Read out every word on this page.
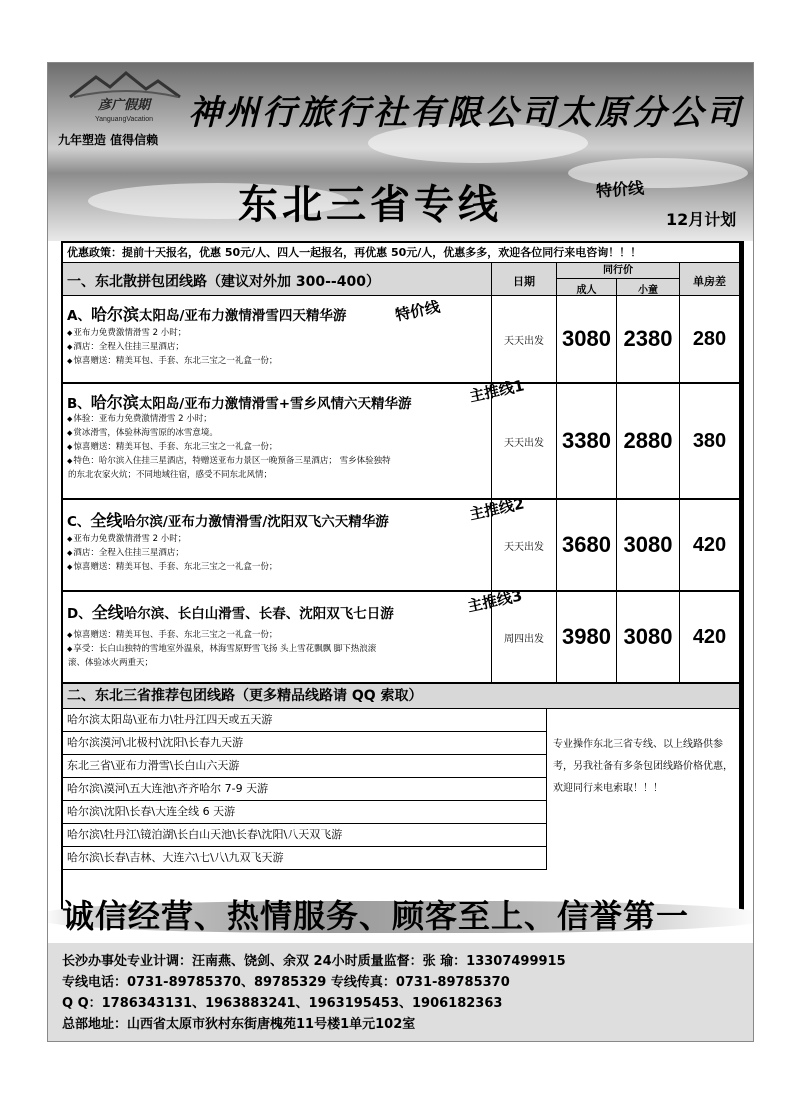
彦广假期
YanguangVacation
九年塑造 值得信赖
神州行旅行社有限公司太原分公司
东北三省专线	特价线
12月计划
优惠政策：提前十天报名，优惠 50元/人、四人一起报名，再优惠 50元/人，优惠多多，欢迎各位同行来电咨询！！！
一、东北散拼包团线路（建议对外加 300--400）	日期
同行价
成人	小童
单房差
A、哈尔滨太阳岛/亚布力激情滑雪四天精华游	特价线
◆ 亚布力免费激情滑雪 2 小时；
◆ 酒店：全程入住挂三星酒店；
◆ 惊喜赠送：精美耳包、手套、东北三宝之一礼盒一份；
天天出发 3080 2380	280
B、哈尔滨太阳岛/亚布力激情滑雪+雪乡风情六天精华游	主推线1
◆ 体验：亚布力免费激情滑雪 2 小时；
◆ 赏冰滑雪，体验林海雪原的冰雪意境。
◆ 惊喜赠送：精美耳包、手套、东北三宝之一礼盒一份；
◆ 特色：哈尔滨入住挂三星酒店，特赠送亚布力景区一晚预备三星酒店； 雪乡体验独特
的东北农家火炕；不同地域往宿，感受不同东北风情；
天天出发 3380 2880	380
C、全线哈尔滨/亚布力激情滑雪/沈阳双飞六天精华游	主推线2
◆ 亚布力免费激情滑雪 2 小时；
◆ 酒店：全程入住挂三星酒店；
◆ 惊喜赠送：精美耳包、手套、东北三宝之一礼盒一份；
天天出发 3680 3080	420
D、全线哈尔滨、长白山滑雪、长春、沈阳双飞七日游	主推线3
◆ 惊喜赠送：精美耳包、手套、东北三宝之一礼盒一份；
◆ 享受：长白山独特的雪地室外温泉，林海雪原野雪飞扬 头上雪花飘飘 脚下热浪滚
滚、体验冰火两重天；
周四出发 3980 3080	420
二、东北三省推荐包团线路（更多精品线路请 QQ 索取）
哈尔滨太阳岛\亚布力\牡丹江四天或五天游
哈尔滨漠河\北极村\沈阳\长春九天游
东北三省\亚布力滑雪\长白山六天游
哈尔滨\漠河\五大连池\齐齐哈尔 7-9 天游
哈尔滨\沈阳\长春\大连全线 6 天游
哈尔滨\牡丹江\镜泊湖\长白山天池\长春\沈阳\八天双飞游
哈尔滨\长春\吉林、大连六\七\八\九双飞天游
专业操作东北三省专线、以上线路供参考，另我社备有多条包团线路价格优惠，欢迎同行来电索取！！！
诚信经营、热情服务、顾客至上、信誉第一
长沙办事处专业计调：汪南燕、饶剑、余双 24小时质量监督：张 瑜：13307499915
专线电话：0731-89785370、89785329 专线传真：0731-89785370
Q Q：1786343131、1963883241、1963195453、1906182363
总部地址：山西省太原市狄村东街唐槐苑11号楼1单元102室
